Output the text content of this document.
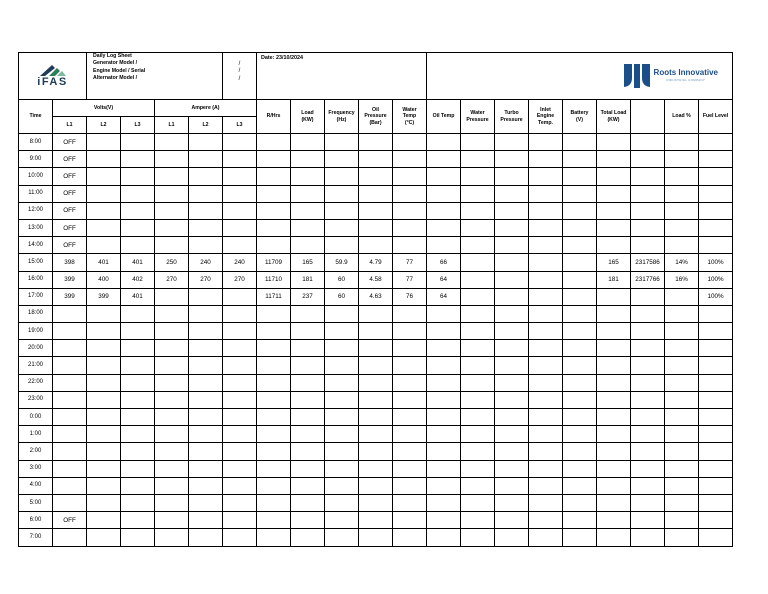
iFAS		Daily Log Sheet
Generator Model /
Engine Model / Serial
Alternator Model /				/
/
/	Date: 23/10/2024					Roots Innovative
INDUSTRIAL COMPANY								

Time	Volts(V)			Ampere (A)			R/Hrs	Load
(KW)	Frequency
(Hz)	Oil
Pressure
(Bar)	Water
Temp
(°C)	Oil Temp	Water
Pressure	Turbo
Pressure	Inlet
Engine
Temp.	Battery
(V)	Total Load
(KW)		Load %	Fuel Level
	L1	L2	L3	L1	L2	L3														
8:00	OFF																			
9:00	OFF																			
10:00	OFF																			
11:00	OFF																			
12:00	OFF																			
13:00	OFF																			
14:00	OFF																			
15:00	398	401	401	250	240	240	11709	165	59.9	4.79	77	66					165	2317586	14%	100%
16:00	399	400	402	270	270	270	11710	181	60	4.58	77	64					181	2317766	16%	100%
17:00	399	399	401				11711	237	60	4.63	76	64								100%
18:00																				
19:00																				
20:00																				
21:00																				
22:00																				
23:00																				
0:00																				
1:00																				
2:00																				
3:00																				
4:00																				
5:00																				
6:00	OFF																			
7:00																				
